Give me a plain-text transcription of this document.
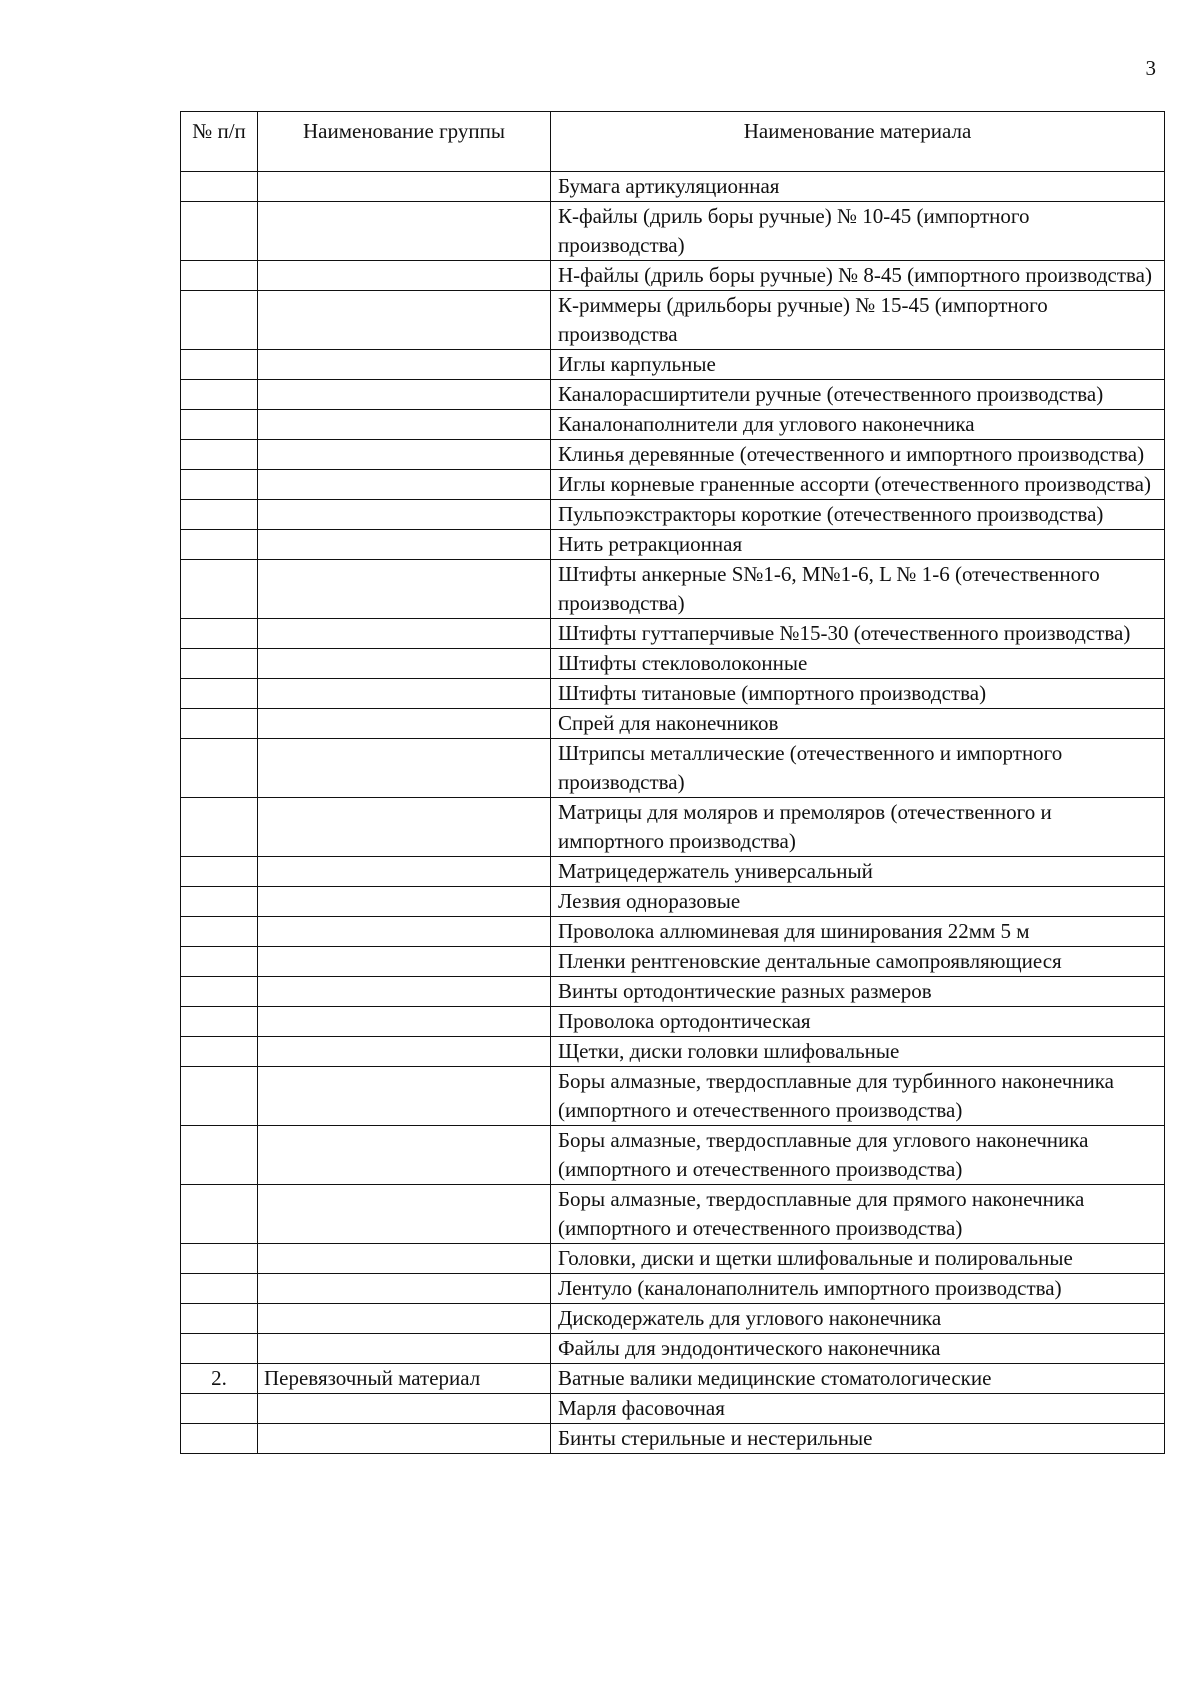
3
№ п/п	Наименование группы	Наименование материала
		Бумага артикуляционная
		К-файлы (дриль боры ручные) № 10-45 (импортного производства)
		Н-файлы (дриль боры ручные) № 8-45 (импортного производства)
		К-риммеры (дрильборы ручные) № 15-45 (импортного производства
		Иглы карпульные
		Каналорасширтители ручные (отечественного производства)
		Каналонаполнители для углового наконечника
		Клинья деревянные (отечественного и импортного производства)
		Иглы корневые граненные ассорти (отечественного производства)
		Пульпоэкстракторы короткие (отечественного производства)
		Нить ретракционная
		Штифты анкерные S№1-6, M№1-6, L № 1-6 (отечественного производства)
		Штифты гуттаперчивые №15-30 (отечественного производства)
		Штифты стекловолоконные
		Штифты титановые (импортного производства)
		Спрей для наконечников
		Штрипсы металлические (отечественного и импортного производства)
		Матрицы для моляров и премоляров (отечественного и импортного производства)
		Матрицедержатель универсальный
		Лезвия одноразовые
		Проволока аллюминевая для шинирования 22мм 5 м
		Пленки рентгеновские дентальные самопроявляющиеся
		Винты ортодонтические разных размеров
		Проволока ортодонтическая
		Щетки, диски головки шлифовальные
		Боры алмазные, твердосплавные для турбинного наконечника (импортного и отечественного производства)
		Боры алмазные, твердосплавные для углового наконечника (импортного и отечественного производства)
		Боры алмазные, твердосплавные для прямого наконечника (импортного и отечественного производства)
		Головки, диски и щетки шлифовальные и полировальные
		Лентуло (каналонаполнитель импортного производства)
		Дискодержатель для углового наконечника
		Файлы для эндодонтического наконечника
2.	Перевязочный материал	Ватные валики медицинские стоматологические
		Марля фасовочная
		Бинты стерильные и нестерильные
